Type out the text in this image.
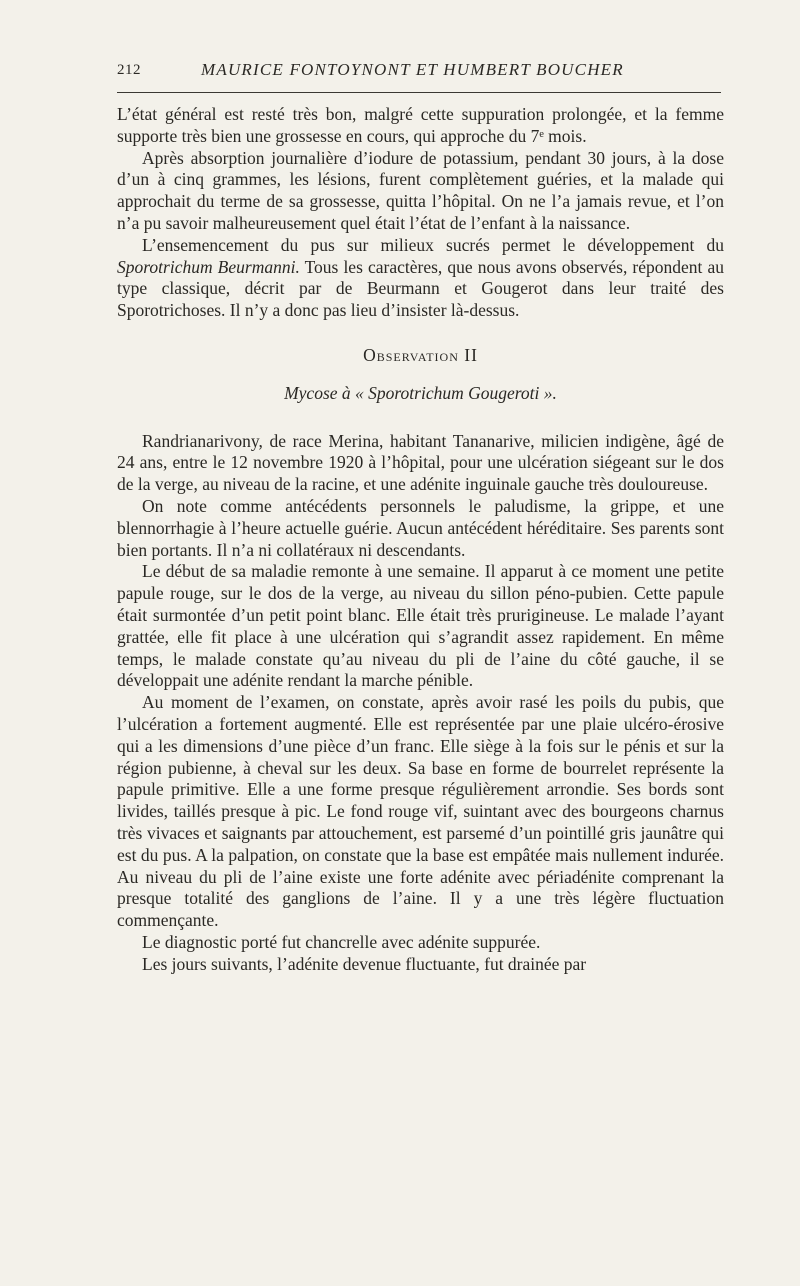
212	MAURICE FONTOYNONT ET HUMBERT BOUCHER

L’état général est resté très bon, malgré cette suppuration prolongée, et la femme supporte très bien une grossesse en cours, qui approche du 7ᵉ mois.

Après absorption journalière d’iodure de potassium, pendant 30 jours, à la dose d’un à cinq grammes, les lésions, furent complètement guéries, et la malade qui approchait du terme de sa grossesse, quitta l’hôpital. On ne l’a jamais revue, et l’on n’a pu savoir malheureusement quel était l’état de l’enfant à la naissance.

L’ensemencement du pus sur milieux sucrés permet le développement du Sporotrichum Beurmanni. Tous les caractères, que nous avons observés, répondent au type classique, décrit par de Beurmann et Gougerot dans leur traité des Sporotrichoses. Il n’y a donc pas lieu d’insister là-dessus.

Observation II

Mycose à « Sporotrichum Gougeroti ».

Randrianarivony, de race Merina, habitant Tananarive, milicien indigène, âgé de 24 ans, entre le 12 novembre 1920 à l’hôpital, pour une ulcération siégeant sur le dos de la verge, au niveau de la racine, et une adénite inguinale gauche très douloureuse.

On note comme antécédents personnels le paludisme, la grippe, et une blennorrhagie à l’heure actuelle guérie. Aucun antécédent héréditaire. Ses parents sont bien portants. Il n’a ni collatéraux ni descendants.

Le début de sa maladie remonte à une semaine. Il apparut à ce moment une petite papule rouge, sur le dos de la verge, au niveau du sillon péno-pubien. Cette papule était surmontée d’un petit point blanc. Elle était très prurigineuse. Le malade l’ayant grattée, elle fit place à une ulcération qui s’agrandit assez rapidement. En même temps, le malade constate qu’au niveau du pli de l’aine du côté gauche, il se développait une adénite rendant la marche pénible.

Au moment de l’examen, on constate, après avoir rasé les poils du pubis, que l’ulcération a fortement augmenté. Elle est représentée par une plaie ulcéro-érosive qui a les dimensions d’une pièce d’un franc. Elle siège à la fois sur le pénis et sur la région pubienne, à cheval sur les deux. Sa base en forme de bourrelet représente la papule primitive. Elle a une forme presque régulièrement arrondie. Ses bords sont livides, taillés presque à pic. Le fond rouge vif, suintant avec des bourgeons charnus très vivaces et saignants par attouchement, est parsemé d’un pointillé gris jaunâtre qui est du pus. A la palpation, on constate que la base est empâtée mais nullement indurée. Au niveau du pli de l’aine existe une forte adénite avec périadénite comprenant la presque totalité des ganglions de l’aine. Il y a une très légère fluctuation commençante.

Le diagnostic porté fut chancrelle avec adénite suppurée.

Les jours suivants, l’adénite devenue fluctuante, fut drainée par
